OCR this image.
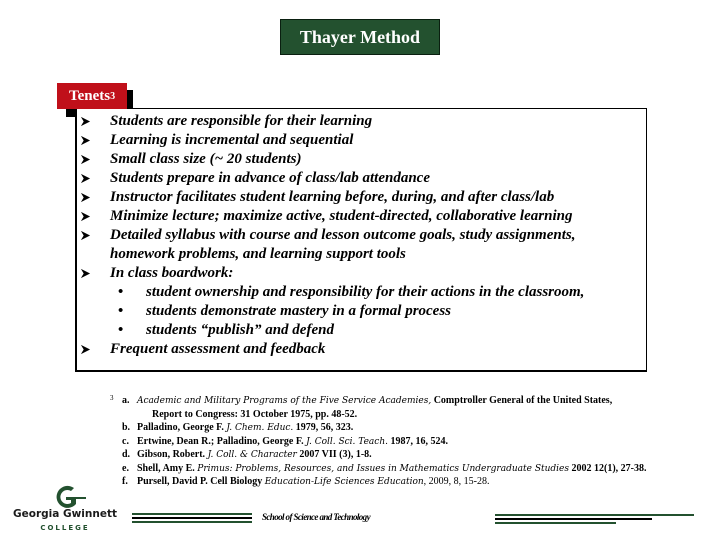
Thayer Method
Tenets 3
Students are responsible for their learning
Learning is incremental and sequential
Small class size (~ 20 students)
Students prepare in advance of class/lab attendance
Instructor facilitates student learning before, during, and after class/lab
Minimize lecture; maximize active, student-directed, collaborative learning
Detailed syllabus with course and lesson outcome goals, study assignments,
homework problems, and learning support tools
In class boardwork:
•	student ownership and responsibility for their actions in the classroom,
•	students demonstrate mastery in a formal process
•	students “publish” and defend
Frequent assessment and feedback
3 a. Academic and Military Programs of the Five Service Academies, Comptroller General of the United States,
Report to Congress: 31 October 1975, pp. 48-52.
b. Palladino, George F. J. Chem. Educ. 1979, 56, 323.
c. Ertwine, Dean R.; Palladino, George F. J. Coll. Sci. Teach. 1987, 16, 524.
d. Gibson, Robert. J. Coll. & Character 2007 VII (3), 1-8.
e. Shell, Amy E. Primus: Problems, Resources, and Issues in Mathematics Undergraduate Studies 2002 12(1), 27-38.
f. Pursell, David P. Cell Biology Education-Life Sciences Education, 2009, 8, 15-28.
Georgia Gwinnett
COLLEGE
School of Science and Technology
